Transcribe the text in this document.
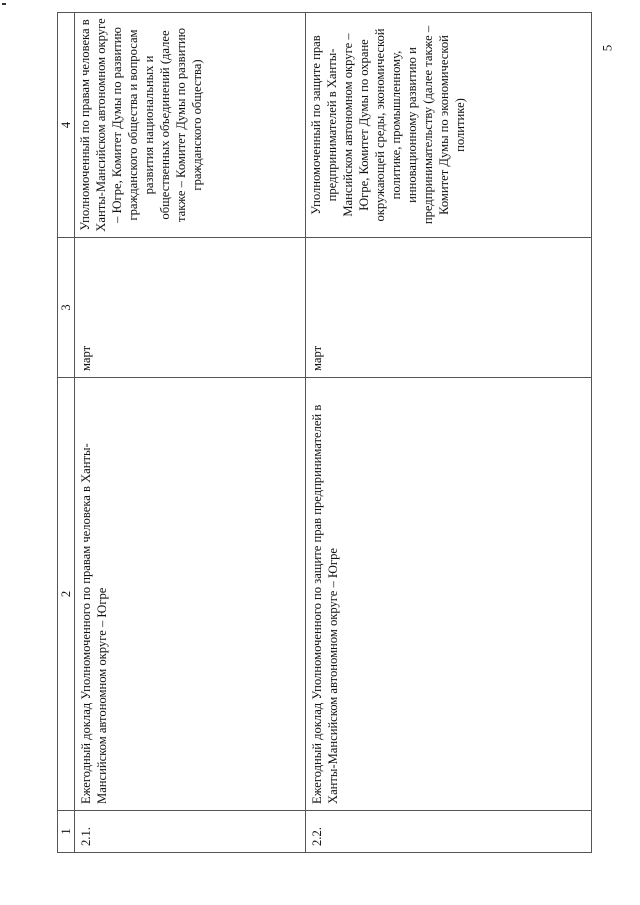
5
1	2	3	4
2.1.	Ежегодный доклад Уполномоченного по правам человека в Ханты-Мансийском автономном округе – Югре	март	Уполномоченный по правам человека в Ханты-Мансийском автономном округе – Югре, Комитет Думы по развитию гражданского общества и вопросам развития национальных и общественных объединений (далее также – Комитет Думы по развитию гражданского общества)
2.2.	Ежегодный доклад Уполномоченного по защите прав предпринимателей в Ханты-Мансийском автономном округе – Югре	март	Уполномоченный по защите прав предпринимателей в Ханты-Мансийском автономном округе – Югре, Комитет Думы по охране окружающей среды, экономической политике, промышленному, инновационному развитию и предпринимательству (далее также – Комитет Думы по экономической политике)
